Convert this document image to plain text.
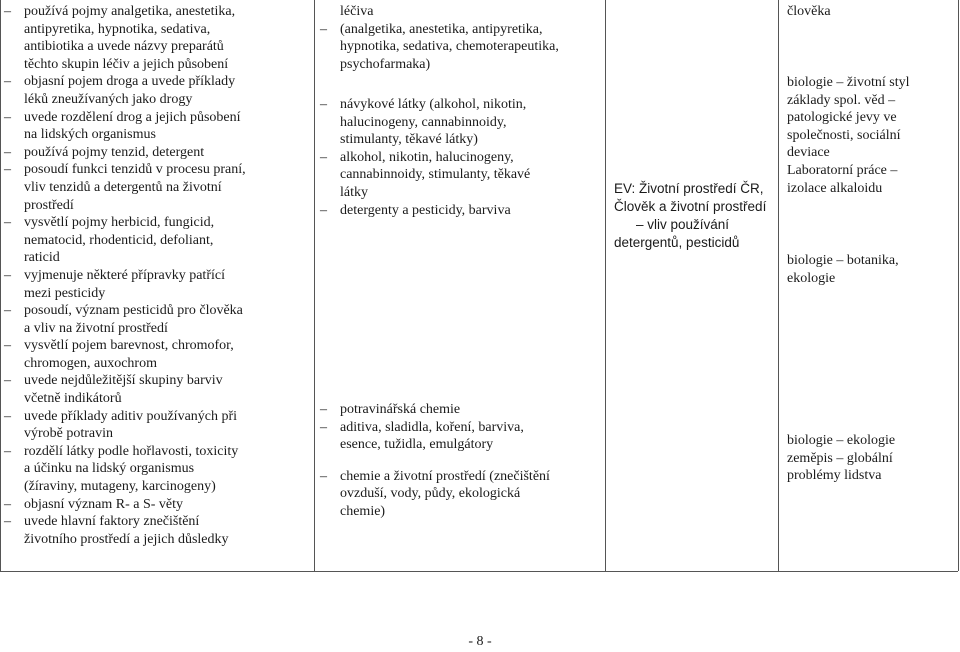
– používá pojmy analgetika, anestetika,
antipyretika, hypnotika, sedativa,
antibiotika a uvede názvy preparátů
těchto skupin léčiv a jejich působení
– objasní pojem droga a uvede příklady
léků zneužívaných jako drogy
– uvede rozdělení drog a jejich působení
na lidských organismus
– používá pojmy tenzid, detergent
– posoudí funkci tenzidů v procesu praní,
vliv tenzidů a detergentů na životní
prostředí
– vysvětlí pojmy herbicid, fungicid,
nematocid, rhodenticid, defoliant,
raticid
– vyjmenuje některé přípravky patřící
mezi pesticidy
– posoudí, význam pesticidů pro člověka
a vliv na životní prostředí
– vysvětlí pojem barevnost, chromofor,
chromogen, auxochrom
– uvede nejdůležitější skupiny barviv
včetně indikátorů
– uvede příklady aditiv používaných při
výrobě potravin
– rozdělí látky podle hořlavosti, toxicity
a účinku na lidský organismus
(žíraviny, mutageny, karcinogeny)
– objasní význam R- a S- věty
– uvede hlavní faktory znečištění
životního prostředí a jejich důsledky
léčiva
– (analgetika, anestetika, antipyretika,
hypnotika, sedativa, chemoterapeutika,
psychofarmaka)
– návykové látky (alkohol, nikotin,
halucinogeny, cannabinnoidy,
stimulanty, těkavé látky)
– alkohol, nikotin, halucinogeny,
cannabinnoidy, stimulanty, těkavé
látky
– detergenty a pesticidy, barviva
– potravinářská chemie
– aditiva, sladidla, koření, barviva,
esence, tužidla, emulgátory
– chemie a životní prostředí (znečištění
ovzduší, vody, půdy, ekologická
chemie)
EV: Životní prostředí ČR,
Člověk a životní prostředí
– vliv používání
detergentů, pesticidů
člověka
biologie – životní styl
základy spol. věd –
patologické jevy ve
společnosti, sociální
deviace
Laboratorní práce –
izolace alkaloidu
biologie – botanika,
ekologie
biologie – ekologie
zeměpis – globální
problémy lidstva
- 8 -
